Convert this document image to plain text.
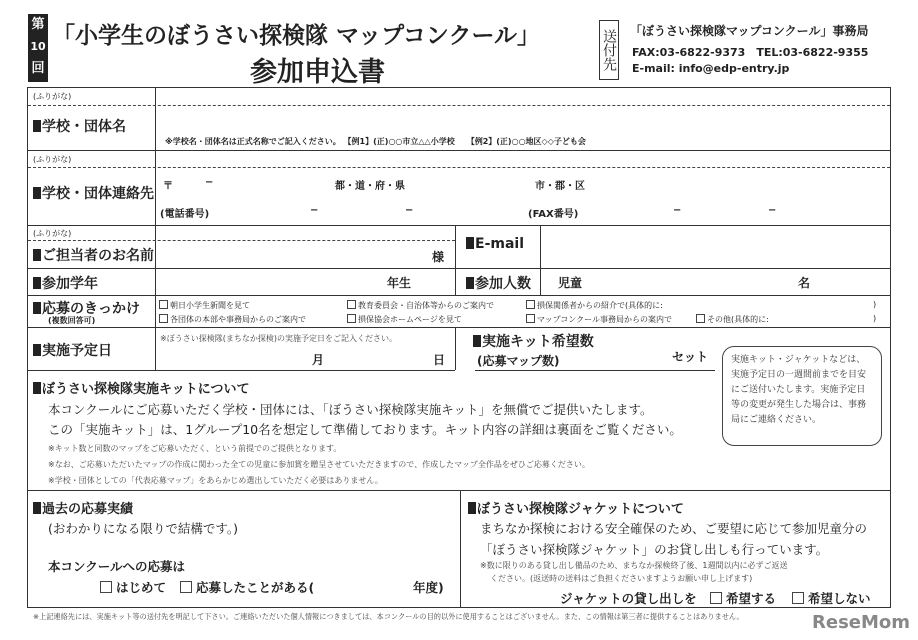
第
10
回
「小学生のぼうさい探検隊 マップコンクール」
参加申込書
送付先 「ぼうさい探検隊マップコンクール」事務局
FAX:03-6822-9373　TEL:03-6822-9355
E-mail: info@edp-entry.jp
(ふりがな)
学校・団体名
※学校名・団体名は正式名称でご記入ください。 【例1】(正)○○市立△△小学校　　【例2】(正)○○地区◇◇子ども会
(ふりがな)
学校・団体連絡先 〒	−	都・道・府・県	市・郡・区
(電話番号)	−	−	(FAX番号)	−	−
(ふりがな)
ご担当者のお名前	様
E-mail
参加学年	年生	参加人数 児童	名
応募のきっかけ
(複数回答可)
朝日小学生新聞を見て	教育委員会・自治体等からのご案内で	損保関係者からの紹介で(具体的に:	)
各団体の本部や事務局からのご案内で	損保協会ホームページを見て	マップコンクール事務局からの案内で	その他(具体的に:	)
実施予定日
※ぼうさい探検隊(まちなか探検)の実施予定日をご記入ください。
月	日
実施キット希望数
(応募マップ数)	セット	実施キット・ジャケットなどは、実施予定日の一週間前までを目安にご送付いたします。実施予定日等の変更が発生した場合は、事務局にご連絡ください。
ぼうさい探検隊実施キットについて
本コンクールにご応募いただく学校・団体には、「ぼうさい探検隊実施キット」を無償でご提供いたします。
この「実施キット」は、1グループ10名を想定して準備しております。キット内容の詳細は裏面をご覧ください。
※キット数と同数のマップをご応募いただく、という前提でのご提供となります。
※なお、ご応募いただいたマップの作成に関わった全ての児童に参加賞を贈呈させていただきますので、作成したマップ全作品をぜひご応募ください。
※学校・団体としての「代表応募マップ」をあらかじめ選出していただく必要はありません。
過去の応募実績
(おわかりになる限りで結構です。)
本コンクールへの応募は
はじめて	応募したことがある(	年度)
ぼうさい探検隊ジャケットについて
まちなか探検における安全確保のため、ご要望に応じて参加児童分の
「ぼうさい探検隊ジャケット」のお貸し出しも行っています。
※数に限りのある貸し出し備品のため、まちなか探検終了後、1週間以内に必ずご返送
ください。(返送時の送料はご負担くださいますようお願い申し上げます)
ジャケットの貸し出しを	希望する	希望しない
※上記連絡先には、実施キット等の送付先を明記して下さい。ご連絡いただいた個人情報につきましては、本コンクールの目的以外に使用することはございません。また、この情報は第三者に提供することはありません。	ReseMom
